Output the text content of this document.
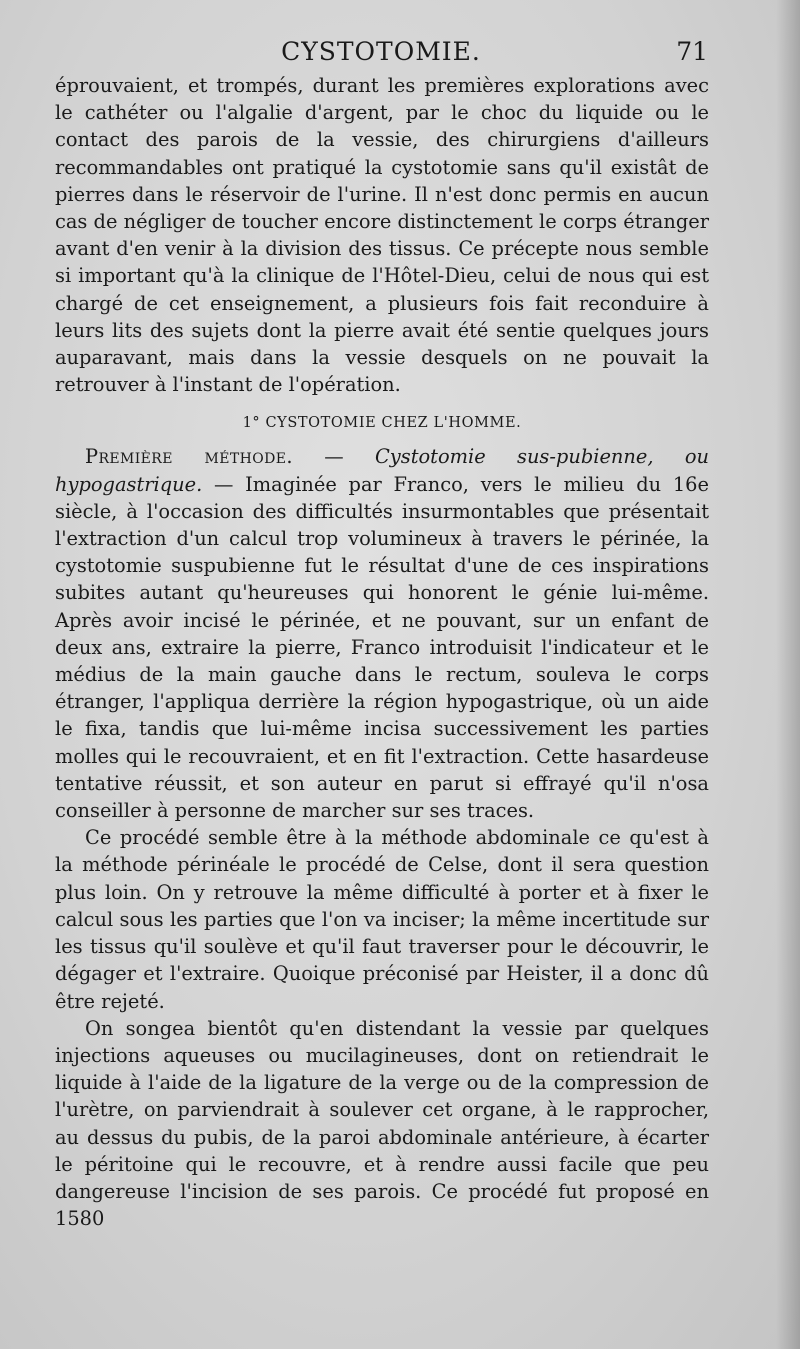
CYSTOTOMIE.	71

éprouvaient, et trompés, durant les premières explorations avec le cathéter ou l'algalie d'argent, par le choc du liquide ou le contact des parois de la vessie, des chirurgiens d'ailleurs recommandables ont pratiqué la cystotomie sans qu'il existât de pierres dans le réservoir de l'urine. Il n'est donc permis en aucun cas de négliger de toucher encore distinctement le corps étranger avant d'en venir à la division des tissus. Ce précepte nous semble si important qu'à la clinique de l'Hôtel-Dieu, celui de nous qui est chargé de cet enseignement, a plusieurs fois fait reconduire à leurs lits des sujets dont la pierre avait été sentie quelques jours auparavant, mais dans la vessie desquels on ne pouvait la retrouver à l'instant de l'opération.

1° CYSTOTOMIE CHEZ L'HOMME.

Première méthode. — Cystotomie sus-pubienne, ou hypogastrique. — Imaginée par Franco, vers le milieu du 16e siècle, à l'occasion des difficultés insurmontables que présentait l'extraction d'un calcul trop volumineux à travers le périnée, la cystotomie suspubienne fut le résultat d'une de ces inspirations subites autant qu'heureuses qui honorent le génie lui-même. Après avoir incisé le périnée, et ne pouvant, sur un enfant de deux ans, extraire la pierre, Franco introduisit l'indicateur et le médius de la main gauche dans le rectum, souleva le corps étranger, l'appliqua derrière la région hypogastrique, où un aide le fixa, tandis que lui-même incisa successivement les parties molles qui le recouvraient, et en fit l'extraction. Cette hasardeuse tentative réussit, et son auteur en parut si effrayé qu'il n'osa conseiller à personne de marcher sur ses traces.

Ce procédé semble être à la méthode abdominale ce qu'est à la méthode périnéale le procédé de Celse, dont il sera question plus loin. On y retrouve la même difficulté à porter et à fixer le calcul sous les parties que l'on va inciser; la même incertitude sur les tissus qu'il soulève et qu'il faut traverser pour le découvrir, le dégager et l'extraire. Quoique préconisé par Heister, il a donc dû être rejeté.

On songea bientôt qu'en distendant la vessie par quelques injections aqueuses ou mucilagineuses, dont on retiendrait le liquide à l'aide de la ligature de la verge ou de la compression de l'urètre, on parviendrait à soulever cet organe, à le rapprocher, au dessus du pubis, de la paroi abdominale antérieure, à écarter le péritoine qui le recouvre, et à rendre aussi facile que peu dangereuse l'incision de ses parois. Ce procédé fut proposé en 1580
